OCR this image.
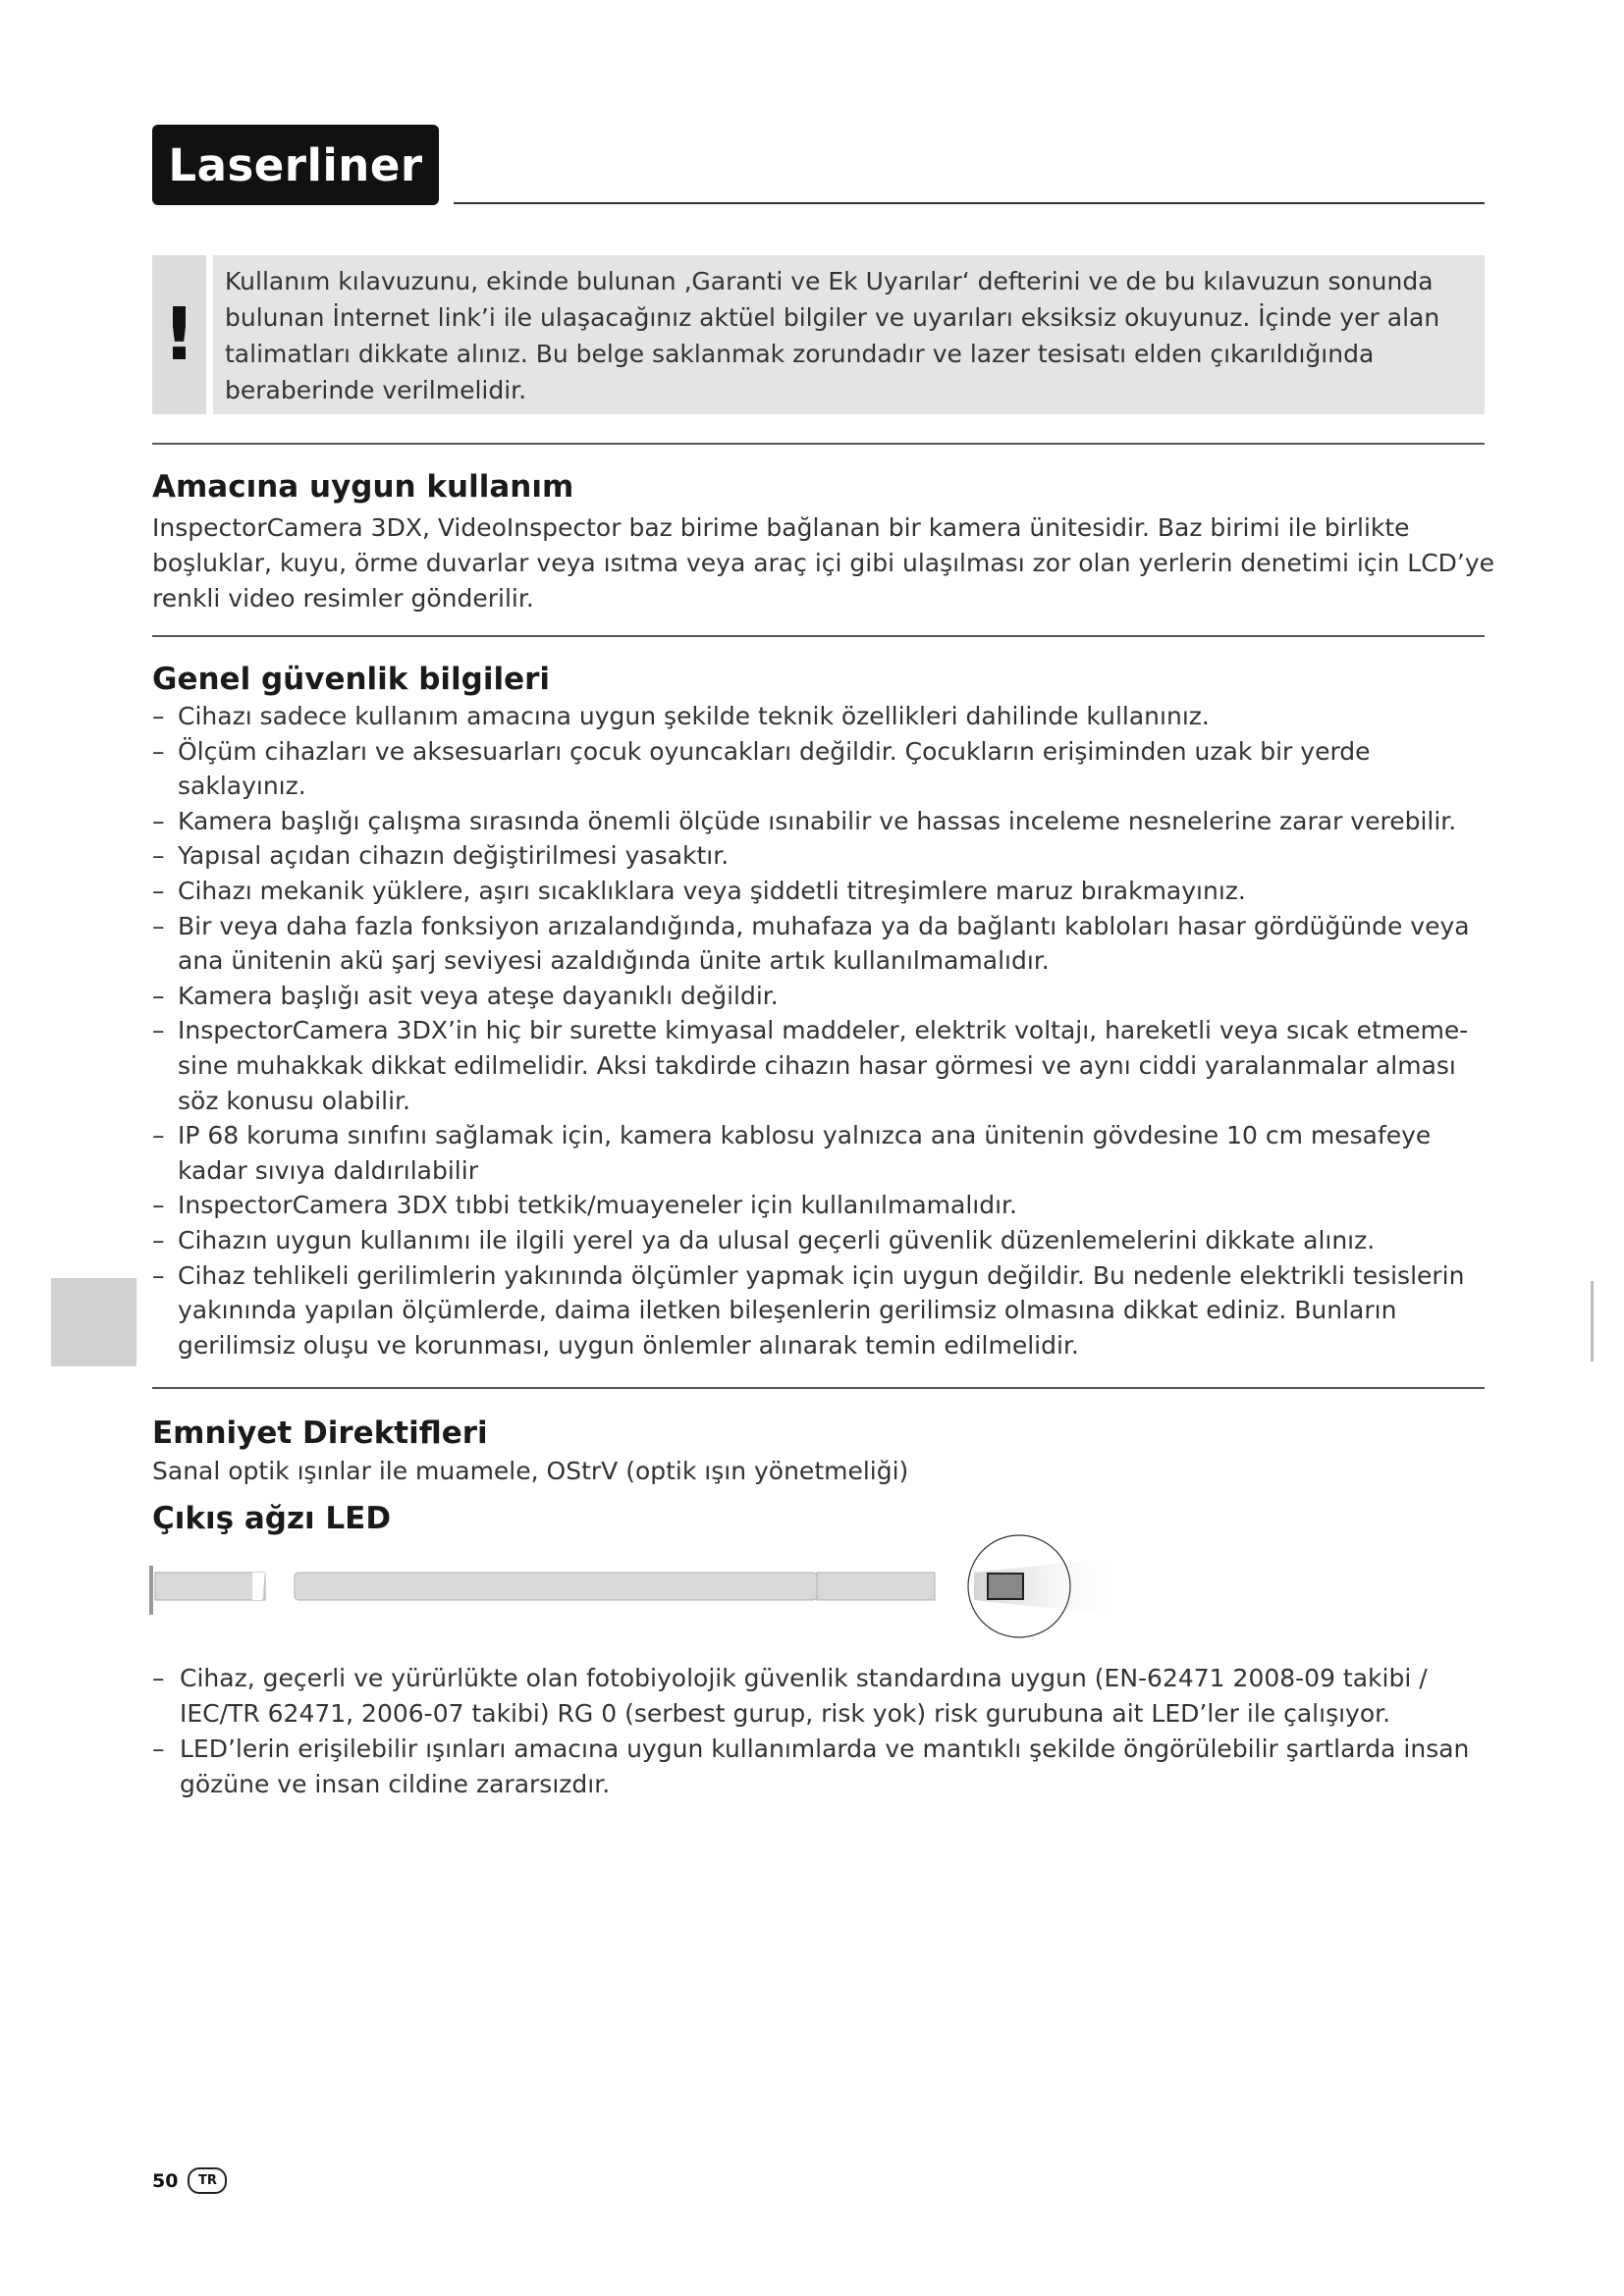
Laserliner
!
Kullanım kılavuzunu, ekinde bulunan ‚Garanti ve Ek Uyarılar‘ defterini ve de bu kılavuzun sonunda bulunan İnternet link’i ile ulaşacağınız aktüel bilgiler ve uyarıları eksiksiz okuyunuz. İçinde yer alan talimatları dikkate alınız. Bu belge saklanmak zorundadır ve lazer tesisatı elden çıkarıldığında beraberinde verilmelidir.
Amacına uygun kullanım
InspectorCamera 3DX, VideoInspector baz birime bağlanan bir kamera ünitesidir. Baz birimi ile birlikte boşluklar, kuyu, örme duvarlar veya ısıtma veya araç içi gibi ulaşılması zor olan yerlerin denetimi için LCD’ye renkli video resimler gönderilir.
Genel güvenlik bilgileri
– Cihazı sadece kullanım amacına uygun şekilde teknik özellikleri dahilinde kullanınız.
– Ölçüm cihazları ve aksesuarları çocuk oyuncakları değildir. Çocukların erişiminden uzak bir yerde saklayınız.
– Kamera başlığı çalışma sırasında önemli ölçüde ısınabilir ve hassas inceleme nesnelerine zarar verebilir.
– Yapısal açıdan cihazın değiştirilmesi yasaktır.
– Cihazı mekanik yüklere, aşırı sıcaklıklara veya şiddetli titreşimlere maruz bırakmayınız.
– Bir veya daha fazla fonksiyon arızalandığında, muhafaza ya da bağlantı kabloları hasar gördüğünde veya ana ünitenin akü şarj seviyesi azaldığında ünite artık kullanılmamalıdır.
– Kamera başlığı asit veya ateşe dayanıklı değildir.
– InspectorCamera 3DX’in hiç bir surette kimyasal maddeler, elektrik voltajı, hareketli veya sıcak etmeme-sine muhakkak dikkat edilmelidir. Aksi takdirde cihazın hasar görmesi ve aynı ciddi yaralanmalar alması söz konusu olabilir.
– IP 68 koruma sınıfını sağlamak için, kamera kablosu yalnızca ana ünitenin gövdesine 10 cm mesafeye kadar sıvıya daldırılabilir
– InspectorCamera 3DX tıbbi tetkik/muayeneler için kullanılmamalıdır.
– Cihazın uygun kullanımı ile ilgili yerel ya da ulusal geçerli güvenlik düzenlemelerini dikkate alınız.
– Cihaz tehlikeli gerilimlerin yakınında ölçümler yapmak için uygun değildir. Bu nedenle elektrikli tesislerin yakınında yapılan ölçümlerde, daima iletken bileşenlerin gerilimsiz olmasına dikkat ediniz. Bunların gerilimsiz oluşu ve korunması, uygun önlemler alınarak temin edilmelidir.
Emniyet Direktifleri
Sanal optik ışınlar ile muamele, OStrV (optik ışın yönetmeliği)
Çıkış ağzı LED
– Cihaz, geçerli ve yürürlükte olan fotobiyolojik güvenlik standardına uygun (EN-62471 2008-09 takibi / IEC/TR 62471, 2006-07 takibi) RG 0 (serbest gurup, risk yok) risk gurubuna ait LED’ler ile çalışıyor.
– LED’lerin erişilebilir ışınları amacına uygun kullanımlarda ve mantıklı şekilde öngörülebilir şartlarda insan gözüne ve insan cildine zararsızdır.
50	TR
